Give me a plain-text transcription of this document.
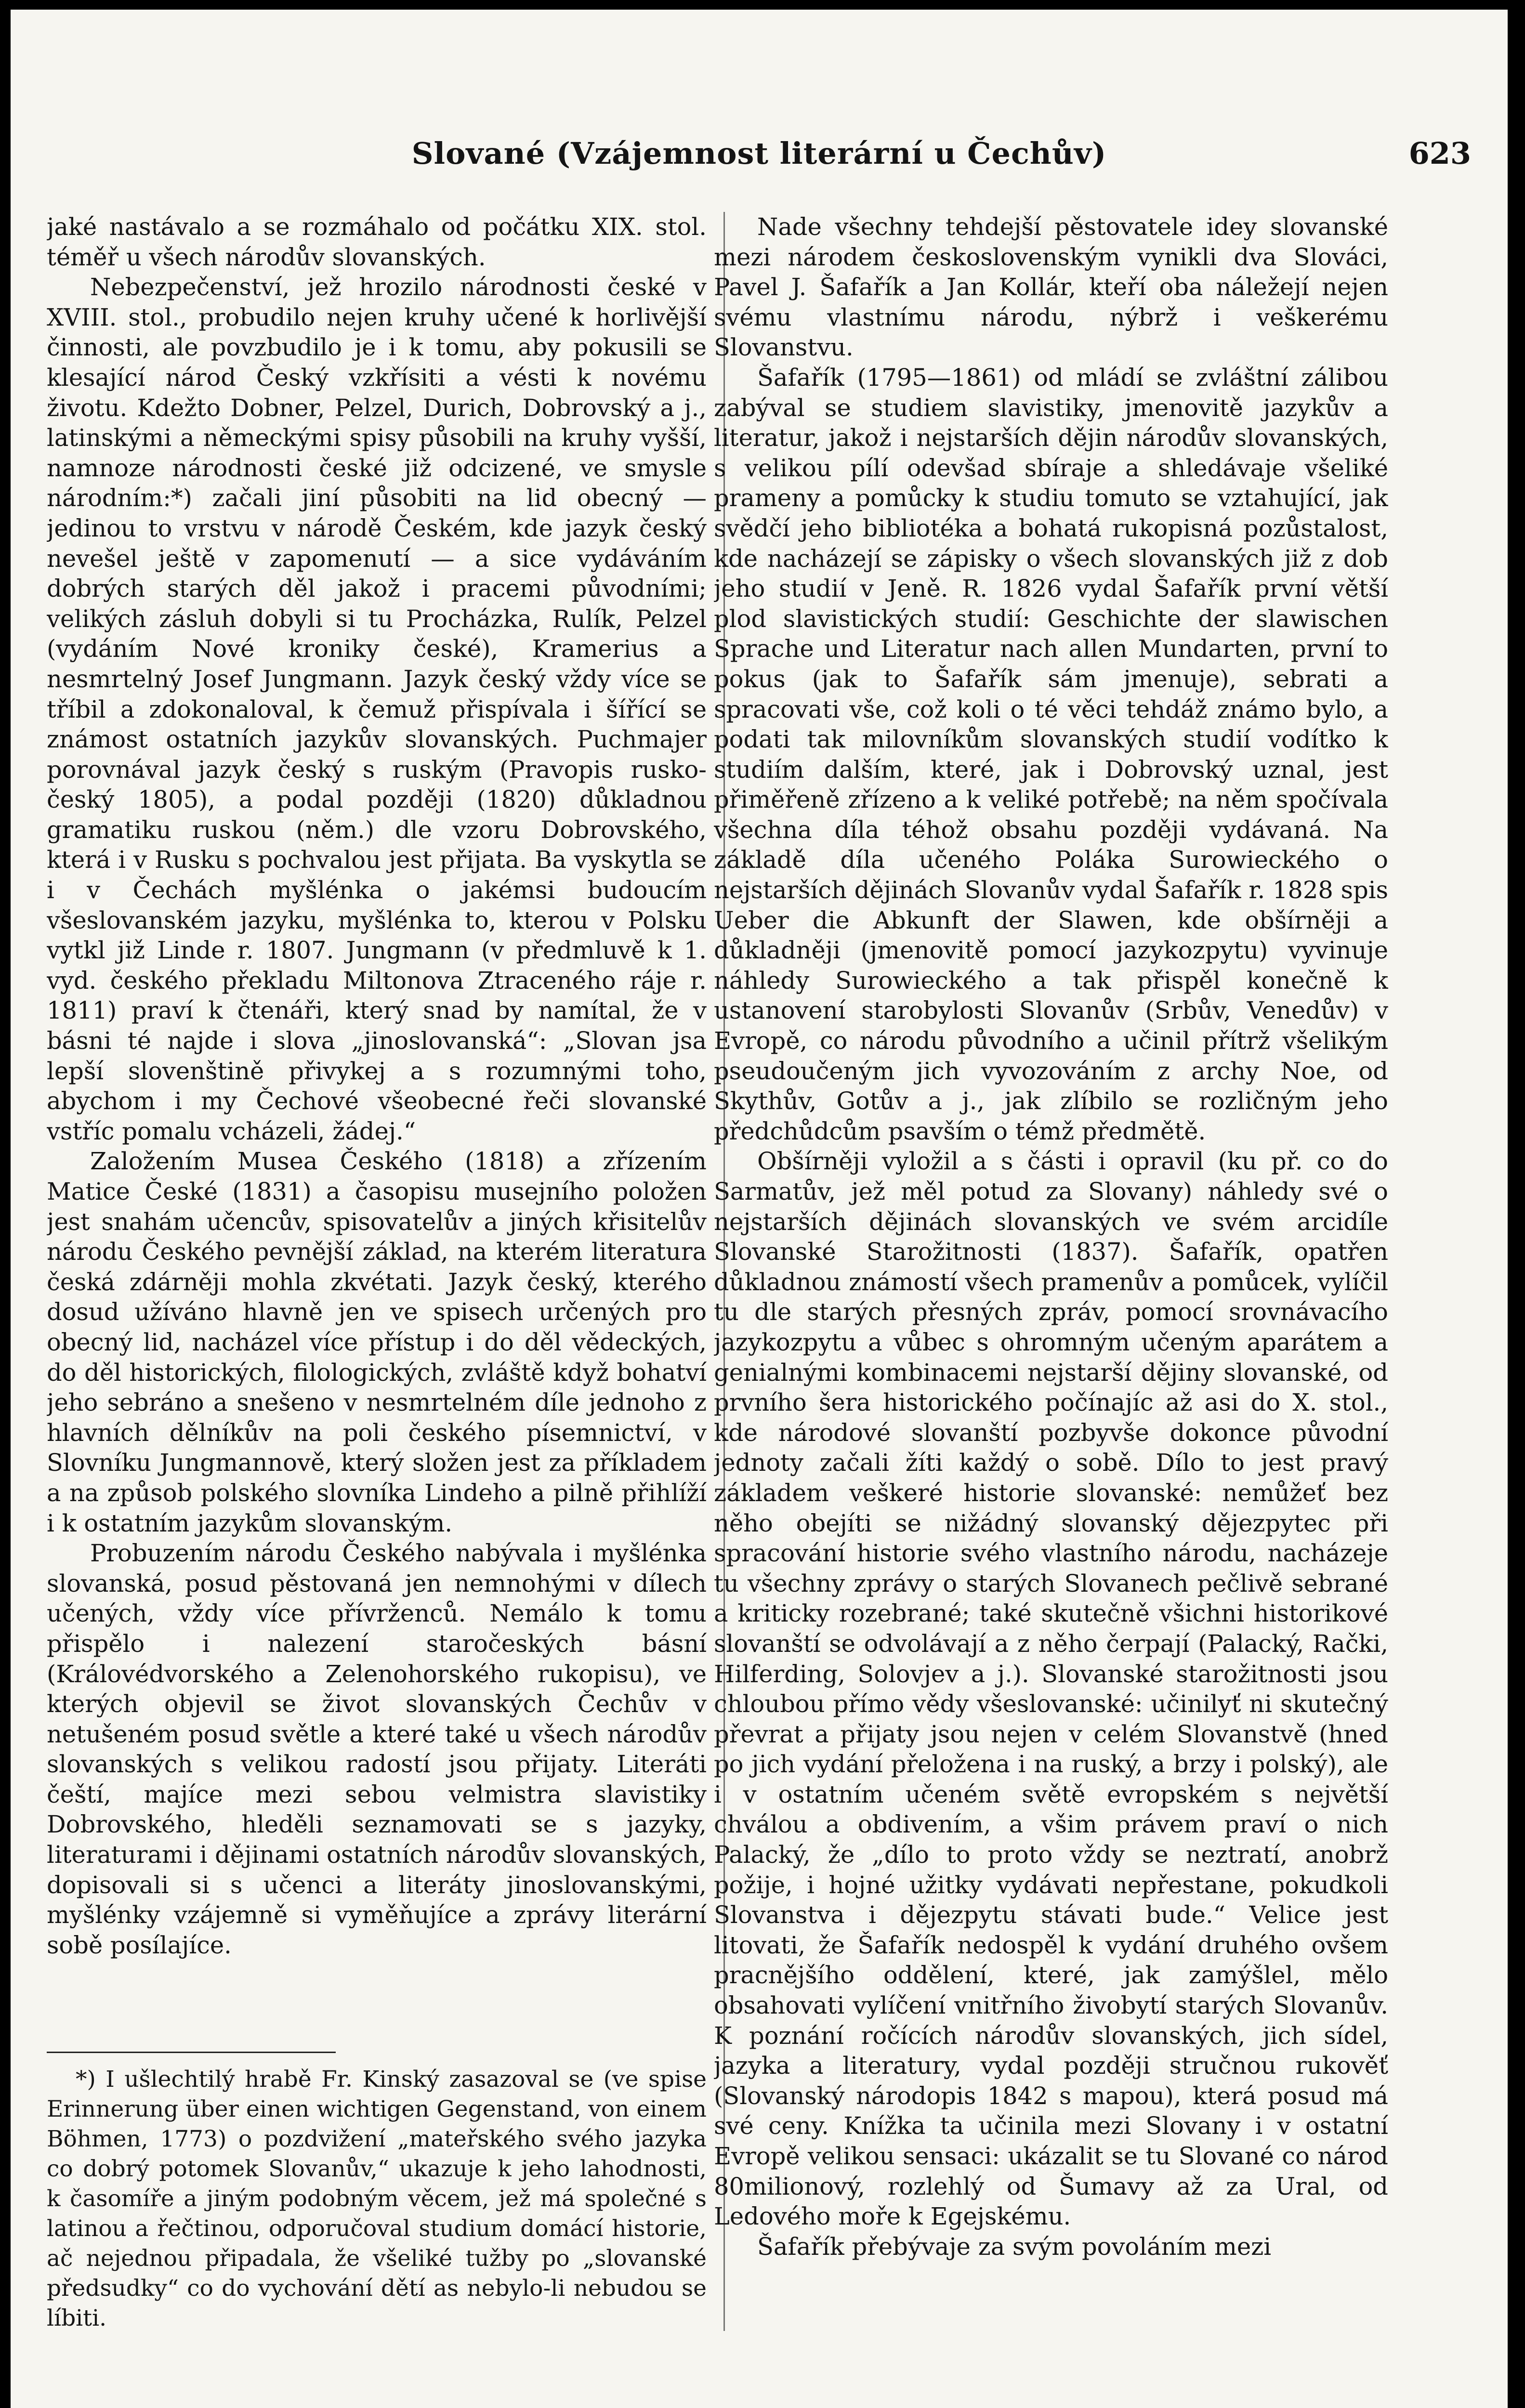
Slované (Vzájemnost literární u Čechův)	623

jaké nastávalo a se rozmáhalo od počátku XIX. stol. téměř u všech národův slovanských.

Nebezpečenství, jež hrozilo národnosti české v XVIII. stol., probudilo nejen kruhy učené k horlivější činnosti, ale povzbudilo je i k tomu, aby pokusili se klesající národ Český vzkřísiti a vésti k novému životu. Kdežto Dobner, Pelzel, Durich, Dobrovský a j., latinskými a německými spisy působili na kruhy vyšší, namnoze národnosti české již odcizené, ve smysle národním:*) začali jiní působiti na lid obecný — jedinou to vrstvu v národě Českém, kde jazyk český nevešel ještě v zapomenutí — a sice vydáváním dobrých starých děl jakož i pracemi původními; velikých zásluh dobyli si tu Procházka, Rulík, Pelzel (vydáním Nové kroniky české), Kramerius a nesmrtelný Josef Jungmann. Jazyk český vždy více se tříbil a zdokonaloval, k čemuž přispívala i šířící se známost ostatních jazykův slovanských. Puchmajer porovnával jazyk český s ruským (Pravopis rusko-český 1805), a podal později (1820) důkladnou gramatiku ruskou (něm.) dle vzoru Dobrovského, která i v Rusku s pochvalou jest přijata. Ba vyskytla se i v Čechách myšlénka o jakémsi budoucím všeslovanském jazyku, myšlénka to, kterou v Polsku vytkl již Linde r. 1807. Jungmann (v předmluvě k 1. vyd. českého překladu Miltonova Ztraceného ráje r. 1811) praví k čtenáři, který snad by namítal, že v básni té najde i slova „jinoslovanská“: „Slovan jsa lepší slovenštině přivykej a s rozumnými toho, abychom i my Čechové všeobecné řeči slovanské vstříc pomalu vcházeli, žádej.“

Založením Musea Českého (1818) a zřízením Matice České (1831) a časopisu musejního položen jest snahám učencův, spisovatelův a jiných křisitelův národu Českého pevnější základ, na kterém literatura česká zdárněji mohla zkvétati. Jazyk český, kterého dosud užíváno hlavně jen ve spisech určených pro obecný lid, nacházel více přístup i do děl vědeckých, do děl historických, filologických, zvláště když bohatví jeho sebráno a snešeno v nesmrtelném díle jednoho z hlavních dělníkův na poli českého písemnictví, v Slovníku Jungmannově, který složen jest za příkladem a na způsob polského slovníka Lindeho a pilně přihlíží i k ostatním jazykům slovanským.

Probuzením národu Českého nabývala i myšlénka slovanská, posud pěstovaná jen nemnohými v dílech učených, vždy více přívrženců. Nemálo k tomu přispělo i nalezení staročeských básní (Královédvorského a Zelenohorského rukopisu), ve kterých objevil se život slovanských Čechův v netušeném posud světle a které také u všech národův slovanských s velikou radostí jsou přijaty. Literáti čeští, majíce mezi sebou velmistra slavistiky Dobrovského, hleděli seznamovati se s jazyky, literaturami i dějinami ostatních národův slovanských, dopisovali si s učenci a literáty jinoslovanskými, myšlénky vzájemně si vyměňujíce a zprávy literární sobě posílajíce.

*) I ušlechtilý hrabě Fr. Kinský zasazoval se (ve spise Erinnerung über einen wichtigen Gegenstand, von einem Böhmen, 1773) o pozdvižení „mateřského svého jazyka co dobrý potomek Slovanův,“ ukazuje k jeho lahodnosti, k časomíře a jiným podobným věcem, jež má společné s latinou a řečtinou, odporučoval studium domácí historie, ač nejednou připadala, že všeliké tužby po „slovanské předsudky“ co do vychování dětí as nebylo-li nebudou se líbiti.

Nade všechny tehdejší pěstovatele idey slovanské mezi národem československým vynikli dva Slováci, Pavel J. Šafařík a Jan Kollár, kteří oba náležejí nejen svému vlastnímu národu, nýbrž i veškerému Slovanstvu.

Šafařík (1795—1861) od mládí se zvláštní zálibou zabýval se studiem slavistiky, jmenovitě jazykův a literatur, jakož i nejstarších dějin národův slovanských, s velikou pílí odevšad sbíraje a shledávaje všeliké prameny a pomůcky k studiu tomuto se vztahující, jak svědčí jeho bibliotéka a bohatá rukopisná pozůstalost, kde nacházejí se zápisky o všech slovanských již z dob jeho studií v Jeně. R. 1826 vydal Šafařík první větší plod slavistických studií: Geschichte der slawischen Sprache und Literatur nach allen Mundarten, první to pokus (jak to Šafařík sám jmenuje), sebrati a spracovati vše, což koli o té věci tehdáž známo bylo, a podati tak milovníkům slovanských studií vodítko k studiím dalším, které, jak i Dobrovský uznal, jest přiměřeně zřízeno a k veliké potřebě; na něm spočívala všechna díla téhož obsahu později vydávaná. Na základě díla učeného Poláka Surowieckého o nejstarších dějinách Slovanův vydal Šafařík r. 1828 spis Ueber die Abkunft der Slawen, kde obšírněji a důkladněji (jmenovitě pomocí jazykozpytu) vyvinuje náhledy Surowieckého a tak přispěl konečně k ustanovení starobylosti Slovanův (Srbův, Venedův) v Evropě, co národu původního a učinil přítrž všelikým pseudoučeným jich vyvozováním z archy Noe, od Skythův, Gotův a j., jak zlíbilo se rozličným jeho předchůdcům psavším o témž předmětě.

Obšírněji vyložil a s části i opravil (ku př. co do Sarmatův, jež měl potud za Slovany) náhledy své o nejstarších dějinách slovanských ve svém arcidíle Slovanské Starožitnosti (1837). Šafařík, opatřen důkladnou známostí všech pramenův a pomůcek, vylíčil tu dle starých přesných zpráv, pomocí srovnávacího jazykozpytu a vůbec s ohromným učeným aparátem a genialnými kombinacemi nejstarší dějiny slovanské, od prvního šera historického počínajíc až asi do X. stol., kde národové slovanští pozbyvše dokonce původní jednoty začali žíti každý o sobě. Dílo to jest pravý základem veškeré historie slovanské: nemůžeť bez něho obejíti se nižádný slovanský dějezpytec při spracování historie svého vlastního národu, nacházeje tu všechny zprávy o starých Slovanech pečlivě sebrané a kriticky rozebrané; také skutečně všichni historikové slovanští se odvolávají a z něho čerpají (Palacký, Rački, Hilferding, Solovjev a j.). Slovanské starožitnosti jsou chloubou přímo vědy všeslovanské: učinilyť ni skutečný převrat a přijaty jsou nejen v celém Slovanstvě (hned po jich vydání přeložena i na ruský, a brzy i polský), ale i v ostatním učeném světě evropském s největší chválou a obdivením, a všim právem praví o nich Palacký, že „dílo to proto vždy se neztratí, anobrž požije, i hojné užitky vydávati nepřestane, pokudkoli Slovanstva i dějezpytu stávati bude.“ Velice jest litovati, že Šafařík nedospěl k vydání druhého ovšem pracnějšího oddělení, které, jak zamýšlel, mělo obsahovati vylíčení vnitřního živobytí starých Slovanův. K poznání ročících národův slovanských, jich sídel, jazyka a literatury, vydal později stručnou rukověť (Slovanský národopis 1842 s mapou), která posud má své ceny. Knížka ta učinila mezi Slovany i v ostatní Evropě velikou sensaci: ukázalit se tu Slované co národ 80milionový, rozlehlý od Šumavy až za Ural, od Ledového moře k Egejskému.

Šafařík přebývaje za svým povoláním mezi
